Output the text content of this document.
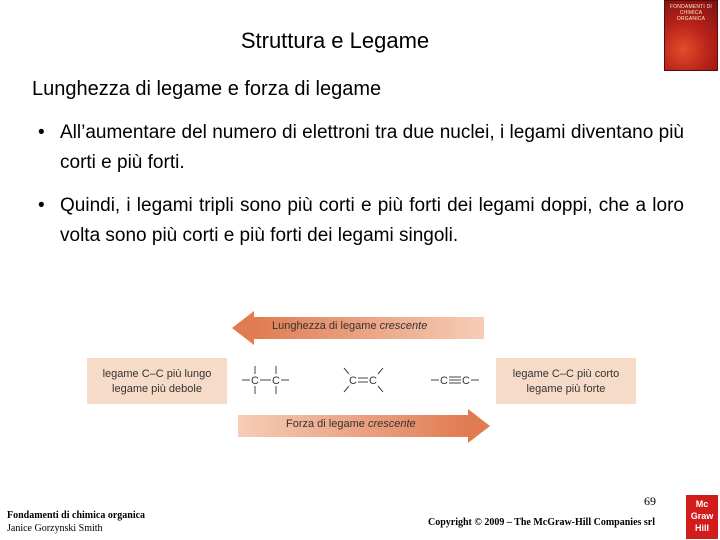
Struttura e Legame
FONDAMENTI DI CHIMICA ORGANICA
Lunghezza di legame e forza di legame
• All’aumentare del numero di elettroni tra due nuclei, i legami diventano più corti e più forti.
• Quindi, i legami tripli sono più corti e più forti dei legami doppi, che a loro volta sono più corti e più forti dei legami singoli.
Lunghezza di legame crescente
legame C–C più lungo
legame più debole
C C	C C	C C
legame C–C più corto
legame più forte
Forza di legame crescente
Fondamenti di chimica organica
Janice Gorzynski Smith
69
Copyright © 2009 – The McGraw-Hill Companies srl
Mc
Graw
Hill
